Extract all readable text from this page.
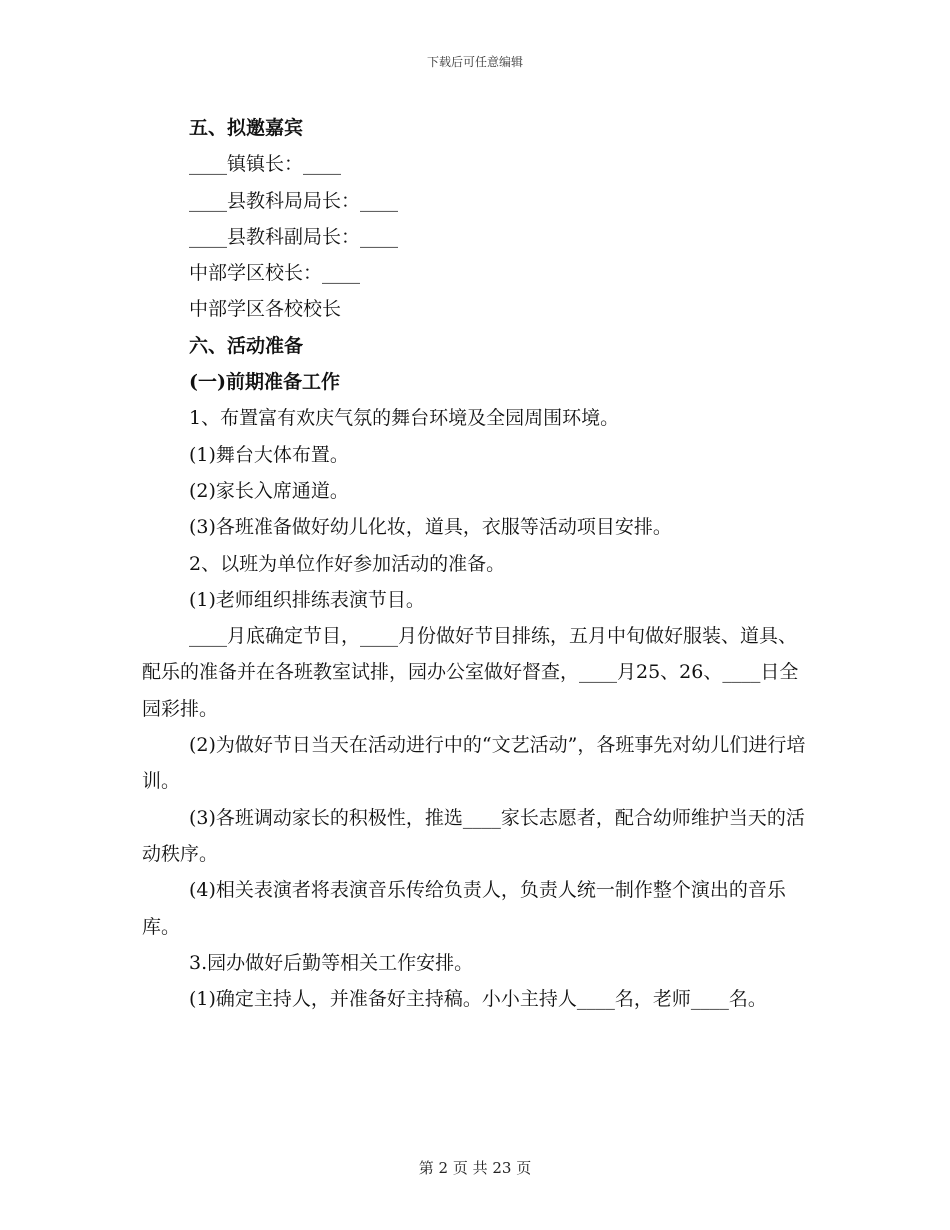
下载后可任意编辑
五、拟邀嘉宾
____镇镇长：____
____县教科局局长：____
____县教科副局长：____
中部学区校长：____
中部学区各校校长
六、活动准备
(一)前期准备工作
1、布置富有欢庆气氛的舞台环境及全园周围环境。
(1)舞台大体布置。
(2)家长入席通道。
(3)各班准备做好幼儿化妆，道具，衣服等活动项目安排。
2、以班为单位作好参加活动的准备。
(1)老师组织排练表演节目。
____月底确定节目，____月份做好节目排练，五月中旬做好服装、道具、配乐的准备并在各班教室试排，园办公室做好督查，____月25、26、____日全园彩排。
(2)为做好节日当天在活动进行中的“文艺活动”，各班事先对幼儿们进行培训。
(3)各班调动家长的积极性，推选____家长志愿者，配合幼师维护当天的活动秩序。
(4)相关表演者将表演音乐传给负责人，负责人统一制作整个演出的音乐库。
3.园办做好后勤等相关工作安排。
(1)确定主持人，并准备好主持稿。小小主持人____名，老师____名。
第 2 页 共 23 页
